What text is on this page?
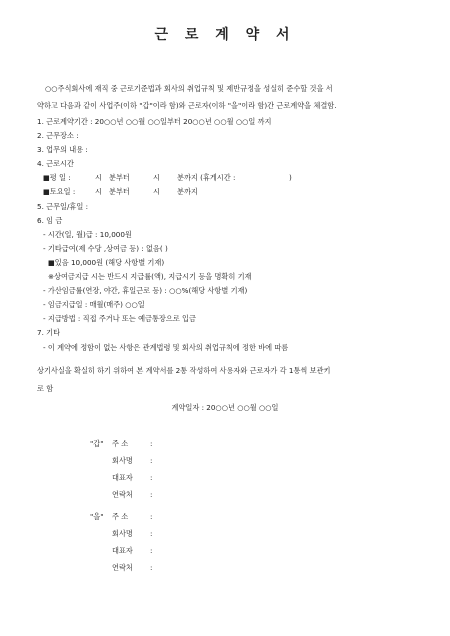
근 로 계 약 서
○○주식회사에 재직 중 근로기준법과 회사의 취업규칙 및 제반규정을 성실히 준수할 것을 서
약하고 다음과 같이 사업주(이하 "갑"이라 함)와 근로자(이하 "을"이라 함)간 근로계약을 체결함.
1. 근로계약기간 : 20○○년 ○○월 ○○일부터 20○○년 ○○월 ○○일 까지
2. 근무장소 :
3. 업무의 내용 :
4. 근로시간
■평 일 :	시 분부터	시 분까지 (휴게시간 :	)
■토요일 :	시 분부터	시 분까지
5. 근무일/휴일 :
6. 임 금
- 시간(일, 월)급 : 10,000원
- 기타급여(제 수당 ,상여금 등) : 없음( )
■있음 10,000원 (해당 사항별 기재)
※상여금지급 시는 반드시 지급률(액), 지급시기 등을 명확히 기재
- 가산임금률(연장, 야간, 휴일근로 등) : ○○%(해당 사항별 기재)
- 임금지급일 : 매월(매주) ○○일
- 지급방법 : 직접 주거나 또는 예금통장으로 입금
7. 기타
- 이 계약에 정함이 없는 사항은 관계법령 및 회사의 취업규칙에 정한 바에 따름
상기사실을 확실히 하기 위하여 본 계약서를 2통 작성하여 사용자와 근로자가 각 1통씩 보관키
로 함
계약일자 : 20○○년 ○○월 ○○일
"갑" 주 소	:
회사명 :
대표자 :
연락처 :
"을" 주 소	:
회사명 :
대표자 :
연락처 :
